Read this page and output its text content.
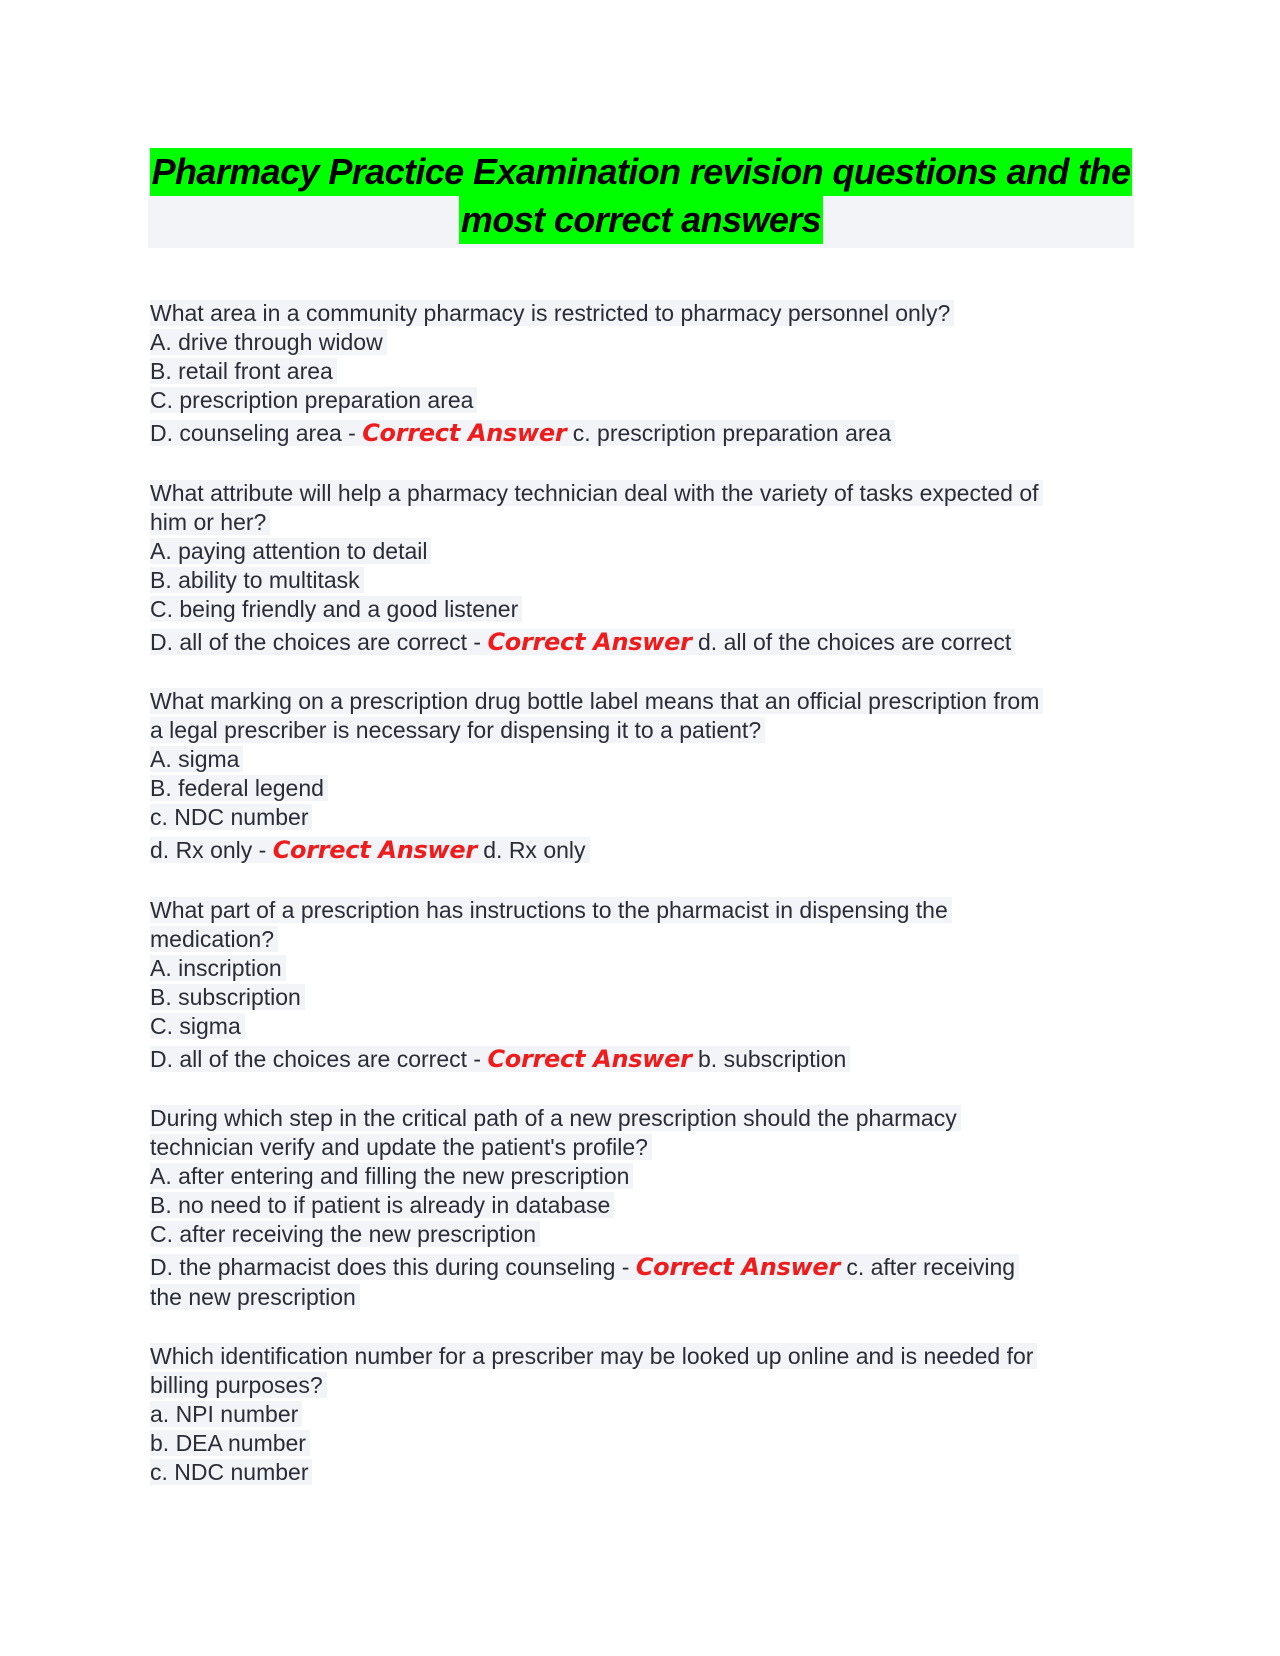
Pharmacy Practice Examination revision questions and the
most correct answers
What area in a community pharmacy is restricted to pharmacy personnel only?
A. drive through widow
B. retail front area
C. prescription preparation area
D. counseling area - Correct Answer c. prescription preparation area
What attribute will help a pharmacy technician deal with the variety of tasks expected of
him or her?
A. paying attention to detail
B. ability to multitask
C. being friendly and a good listener
D. all of the choices are correct - Correct Answer d. all of the choices are correct
What marking on a prescription drug bottle label means that an official prescription from
a legal prescriber is necessary for dispensing it to a patient?
A. sigma
B. federal legend
c. NDC number
d. Rx only - Correct Answer d. Rx only
What part of a prescription has instructions to the pharmacist in dispensing the
medication?
A. inscription
B. subscription
C. sigma
D. all of the choices are correct - Correct Answer b. subscription
During which step in the critical path of a new prescription should the pharmacy
technician verify and update the patient's profile?
A. after entering and filling the new prescription
B. no need to if patient is already in database
C. after receiving the new prescription
D. the pharmacist does this during counseling - Correct Answer c. after receiving
the new prescription
Which identification number for a prescriber may be looked up online and is needed for
billing purposes?
a. NPI number
b. DEA number
c. NDC number
